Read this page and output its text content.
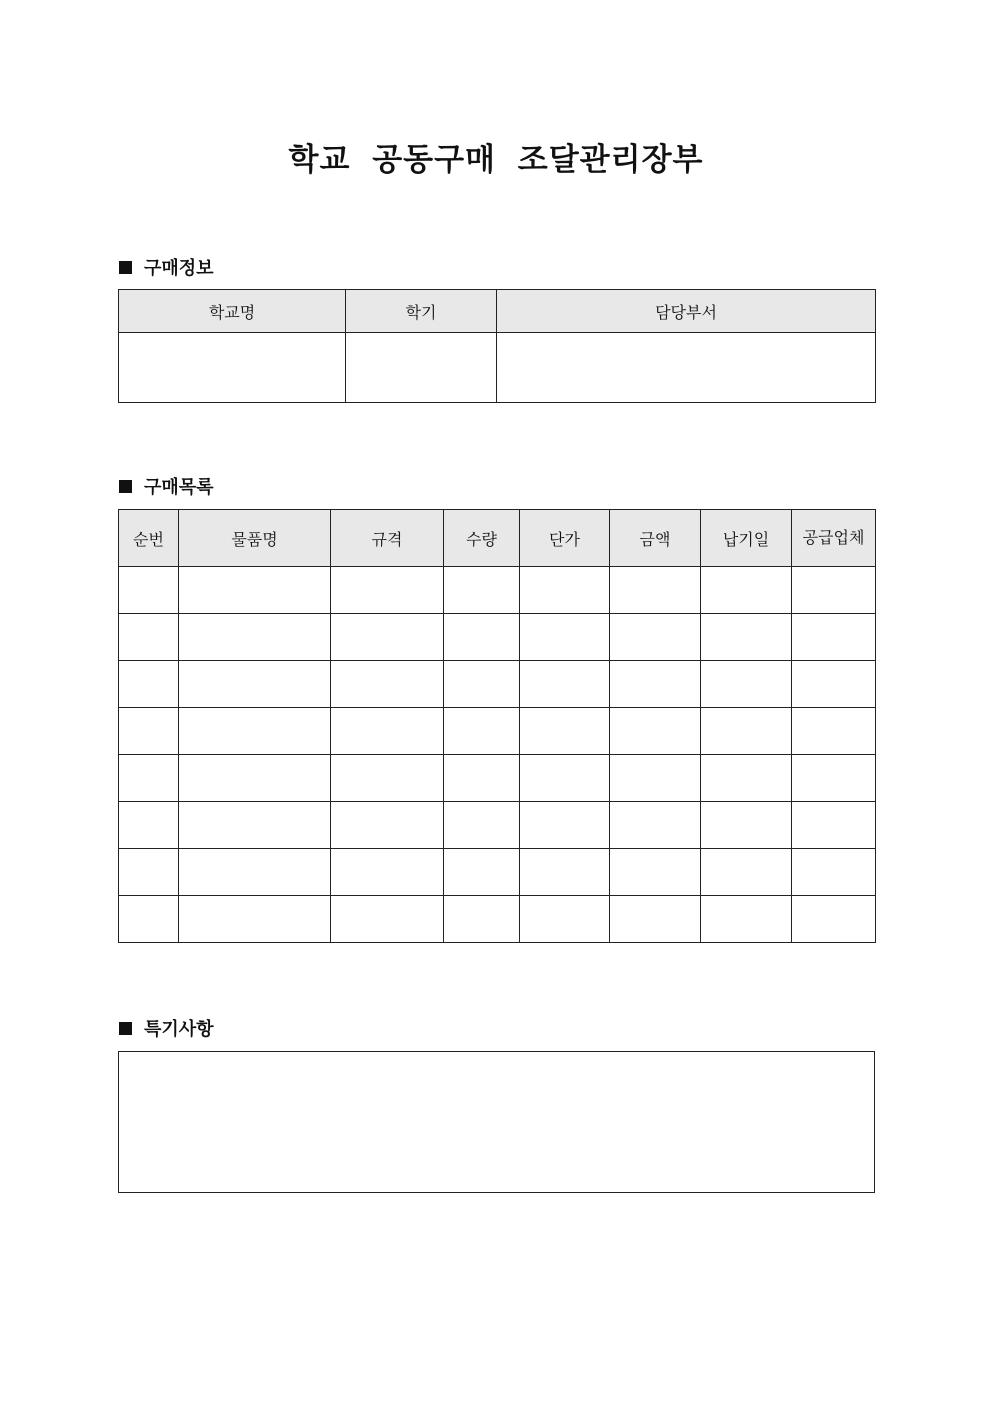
학교 공동구매 조달관리장부
구매정보
학교명	학기	담당부서

구매목록
순번	물품명	규격	수량	단가	금액	납기일	공급업체

특기사항
